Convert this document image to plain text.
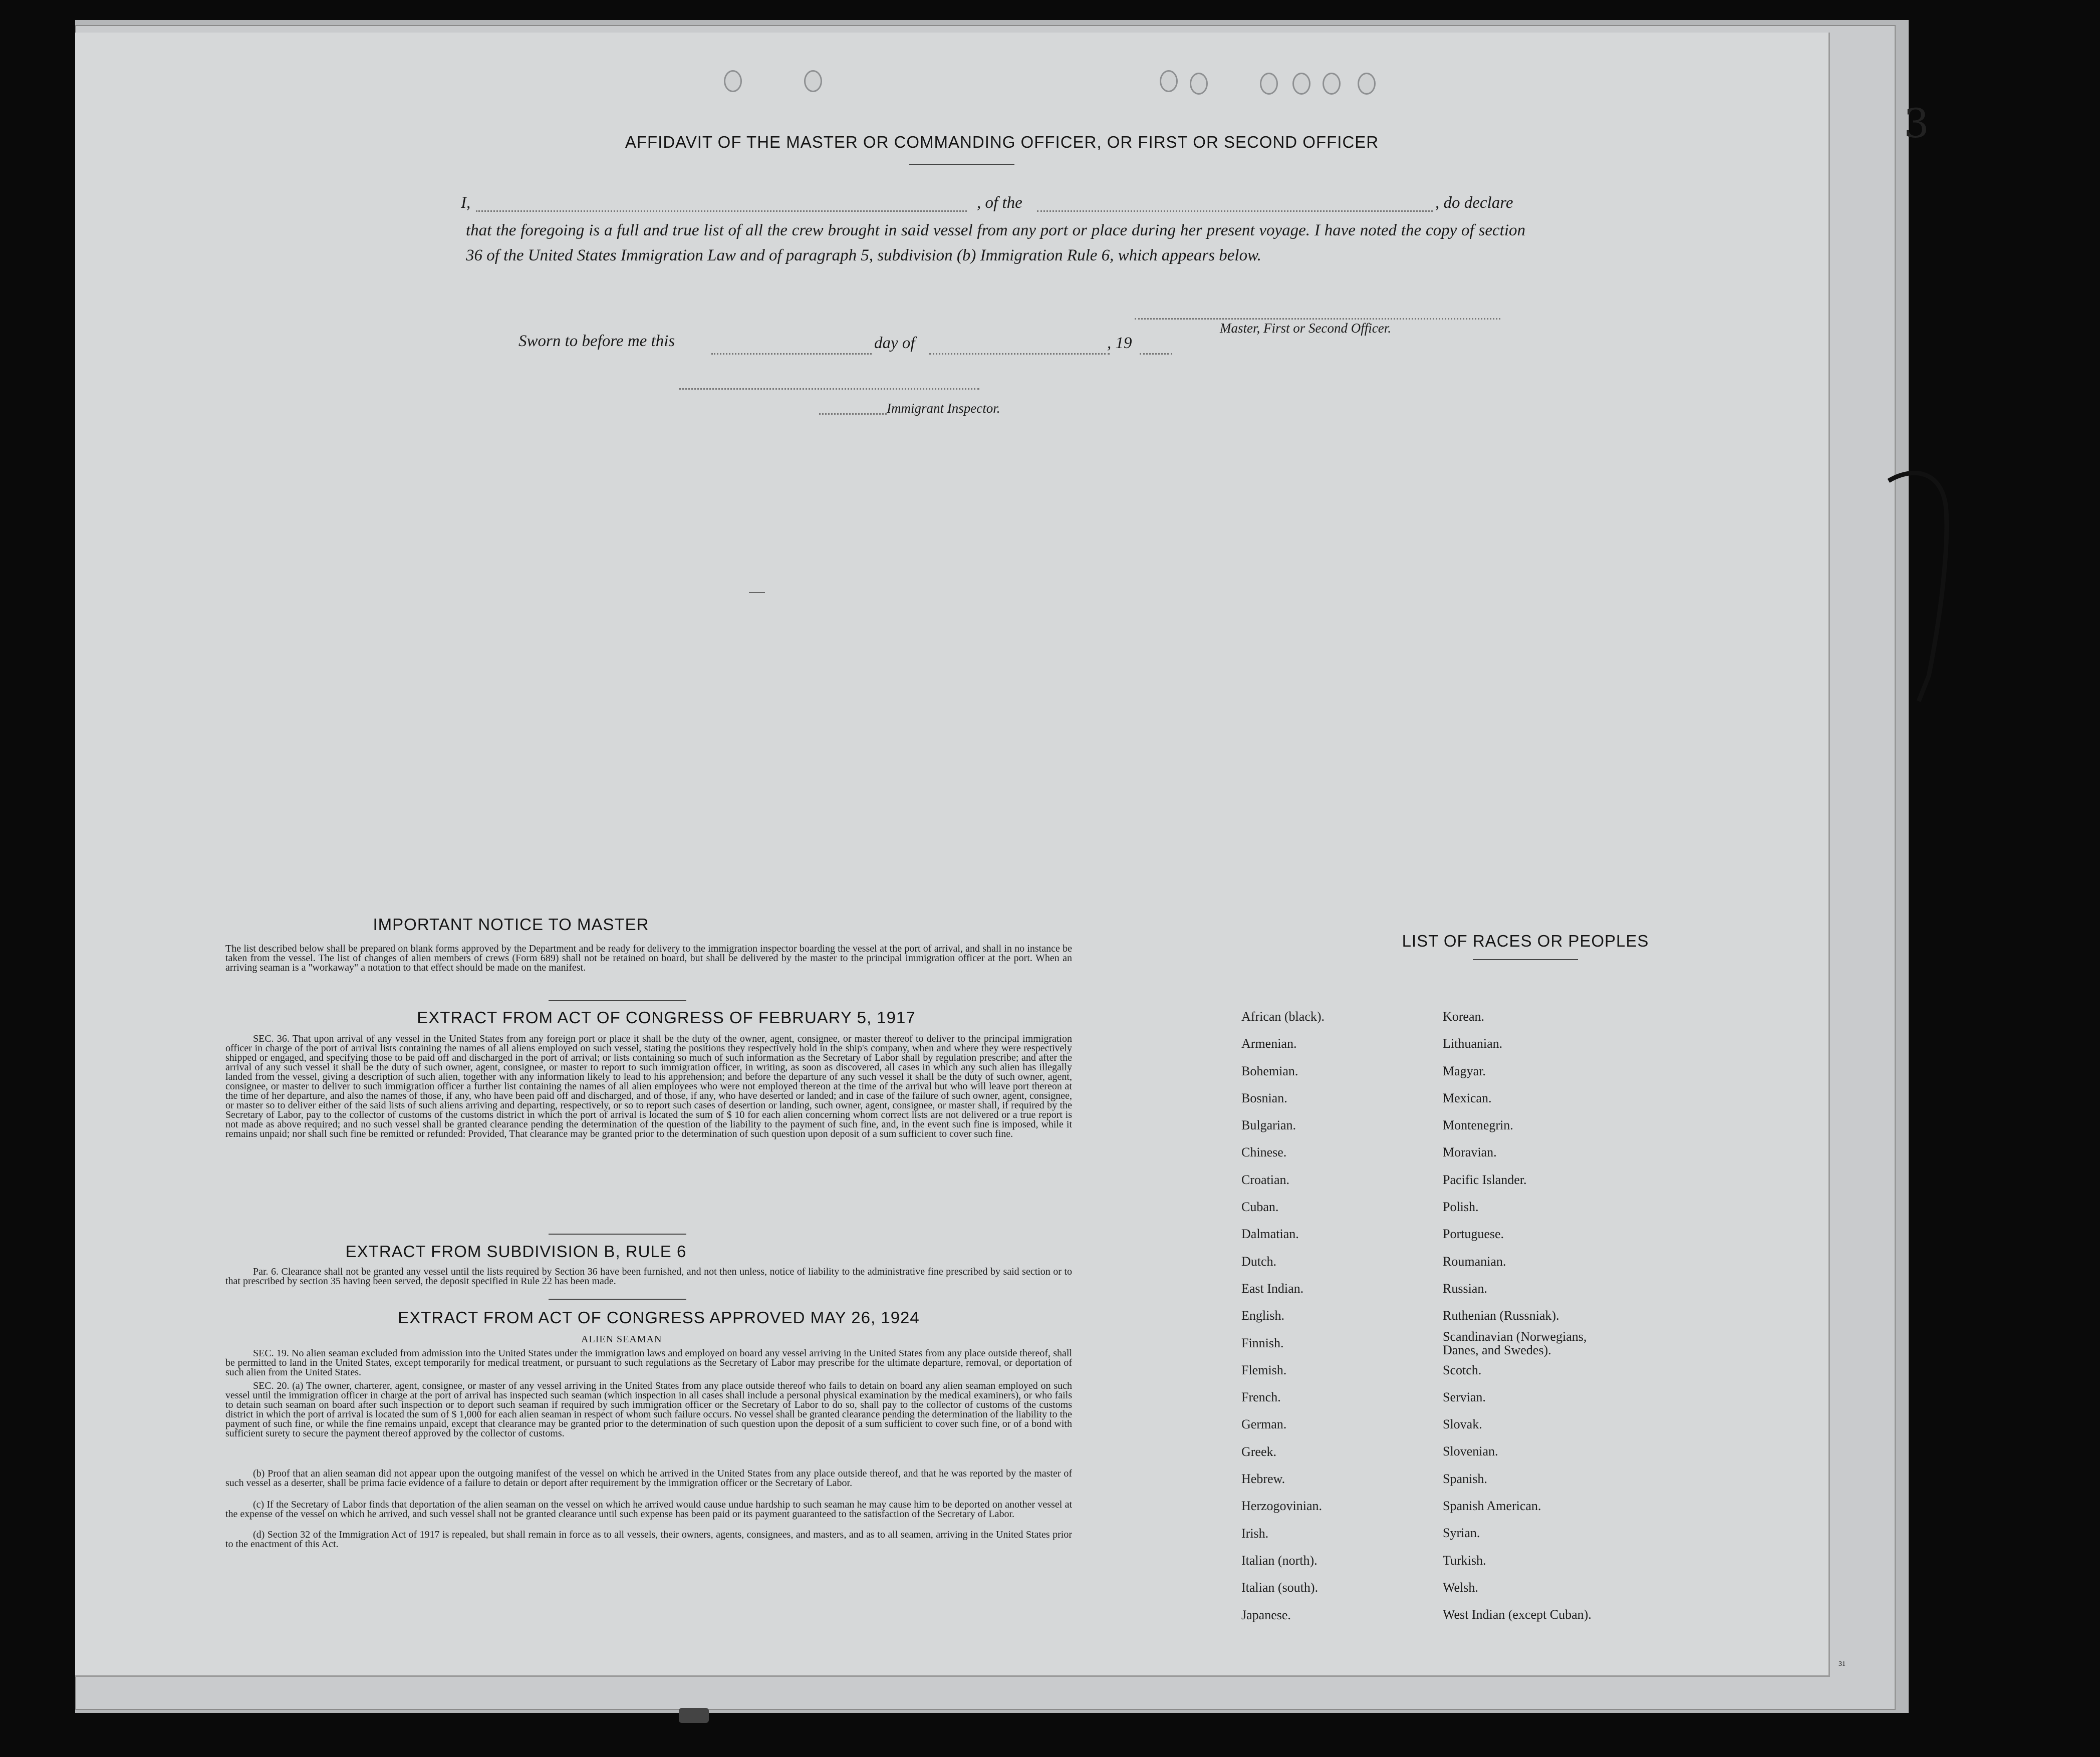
AFFIDAVIT OF THE MASTER OR COMMANDING OFFICER, OR FIRST OR SECOND OFFICER
I,	, of the	, do declare
that the foregoing is a full and true list of all the crew brought in said vessel from any port or place during her present voyage. I have noted the copy of section 36 of the United States Immigration Law and of paragraph 5, subdivision (b) Immigration Rule 6, which appears below.
Master, First or Second Officer.
Sworn to before me this	day of	, 19
Immigrant Inspector.
IMPORTANT NOTICE TO MASTER
The list described below shall be prepared on blank forms approved by the Department and be ready for delivery to the immigration inspector boarding the vessel at the port of arrival, and shall in no instance be taken from the vessel. The list of changes of alien members of crews (Form 689) shall not be retained on board, but shall be delivered by the master to the principal immigration officer at the port. When an arriving seaman is a "workaway" a notation to that effect should be made on the manifest.
EXTRACT FROM ACT OF CONGRESS OF FEBRUARY 5, 1917
SEC. 36. That upon arrival of any vessel in the United States from any foreign port or place it shall be the duty of the owner, agent, consignee, or master thereof to deliver to the principal immigration officer in charge of the port of arrival lists containing the names of all aliens employed on such vessel, stating the positions they respectively hold in the ship's company, when and where they were respectively shipped or engaged, and specifying those to be paid off and discharged in the port of arrival; or lists containing so much of such information as the Secretary of Labor shall by regulation prescribe; and after the arrival of any such vessel it shall be the duty of such owner, agent, consignee, or master to report to such immigration officer, in writing, as soon as discovered, all cases in which any such alien has illegally landed from the vessel, giving a description of such alien, together with any information likely to lead to his apprehension; and before the departure of any such vessel it shall be the duty of such owner, agent, consignee, or master to deliver to such immigration officer a further list containing the names of all alien employees who were not employed thereon at the time of the arrival but who will leave port thereon at the time of her departure, and also the names of those, if any, who have been paid off and discharged, and of those, if any, who have deserted or landed; and in case of the failure of such owner, agent, consignee, or master so to deliver either of the said lists of such aliens arriving and departing, respectively, or so to report such cases of desertion or landing, such owner, agent, consignee, or master shall, if required by the Secretary of Labor, pay to the collector of customs of the customs district in which the port of arrival is located the sum of $ 10 for each alien concerning whom correct lists are not delivered or a true report is not made as above required; and no such vessel shall be granted clearance pending the determination of the question of the liability to the payment of such fine, and, in the event such fine is imposed, while it remains unpaid; nor shall such fine be remitted or refunded: Provided, That clearance may be granted prior to the determination of such question upon deposit of a sum sufficient to cover such fine.
EXTRACT FROM SUBDIVISION B, RULE 6
Par. 6. Clearance shall not be granted any vessel until the lists required by Section 36 have been furnished, and not then unless, notice of liability to the administrative fine prescribed by said section or to that prescribed by section 35 having been served, the deposit specified in Rule 22 has been made.
EXTRACT FROM ACT OF CONGRESS APPROVED MAY 26, 1924
ALIEN SEAMAN
SEC. 19. No alien seaman excluded from admission into the United States under the immigration laws and employed on board any vessel arriving in the United States from any place outside thereof, shall be permitted to land in the United States, except temporarily for medical treatment, or pursuant to such regulations as the Secretary of Labor may prescribe for the ultimate departure, removal, or deportation of such alien from the United States.
SEC. 20. (a) The owner, charterer, agent, consignee, or master of any vessel arriving in the United States from any place outside thereof who fails to detain on board any alien seaman employed on such vessel until the immigration officer in charge at the port of arrival has inspected such seaman (which inspection in all cases shall include a personal physical examination by the medical examiners), or who fails to detain such seaman on board after such inspection or to deport such seaman if required by such immigration officer or the Secretary of Labor to do so, shall pay to the collector of customs of the customs district in which the port of arrival is located the sum of $ 1,000 for each alien seaman in respect of whom such failure occurs. No vessel shall be granted clearance pending the determination of the liability to the payment of such fine, or while the fine remains unpaid, except that clearance may be granted prior to the determination of such question upon the deposit of a sum sufficient to cover such fine, or of a bond with sufficient surety to secure the payment thereof approved by the collector of customs.
(b) Proof that an alien seaman did not appear upon the outgoing manifest of the vessel on which he arrived in the United States from any place outside thereof, and that he was reported by the master of such vessel as a deserter, shall be prima facie evidence of a failure to detain or deport after requirement by the immigration officer or the Secretary of Labor.
(c) If the Secretary of Labor finds that deportation of the alien seaman on the vessel on which he arrived would cause undue hardship to such seaman he may cause him to be deported on another vessel at the expense of the vessel on which he arrived, and such vessel shall not be granted clearance until such expense has been paid or its payment guaranteed to the satisfaction of the Secretary of Labor.
(d) Section 32 of the Immigration Act of 1917 is repealed, but shall remain in force as to all vessels, their owners, agents, consignees, and masters, and as to all seamen, arriving in the United States prior to the enactment of this Act.
LIST OF RACES OR PEOPLES
African (black).
Armenian.
Bohemian.
Bosnian.
Bulgarian.
Chinese.
Croatian.
Cuban.
Dalmatian.
Dutch.
East Indian.
English.
Finnish.
Flemish.
French.
German.
Greek.
Hebrew.
Herzogovinian.
Irish.
Italian (north).
Italian (south).
Japanese.
Korean.
Lithuanian.
Magyar.
Mexican.
Montenegrin.
Moravian.
Pacific Islander.
Polish.
Portuguese.
Roumanian.
Russian.
Ruthenian (Russniak).
Scandinavian (Norwegians, Danes, and Swedes).
Scotch.
Servian.
Slovak.
Slovenian.
Spanish.
Spanish American.
Syrian.
Turkish.
Welsh.
West Indian (except Cuban).
31

3
